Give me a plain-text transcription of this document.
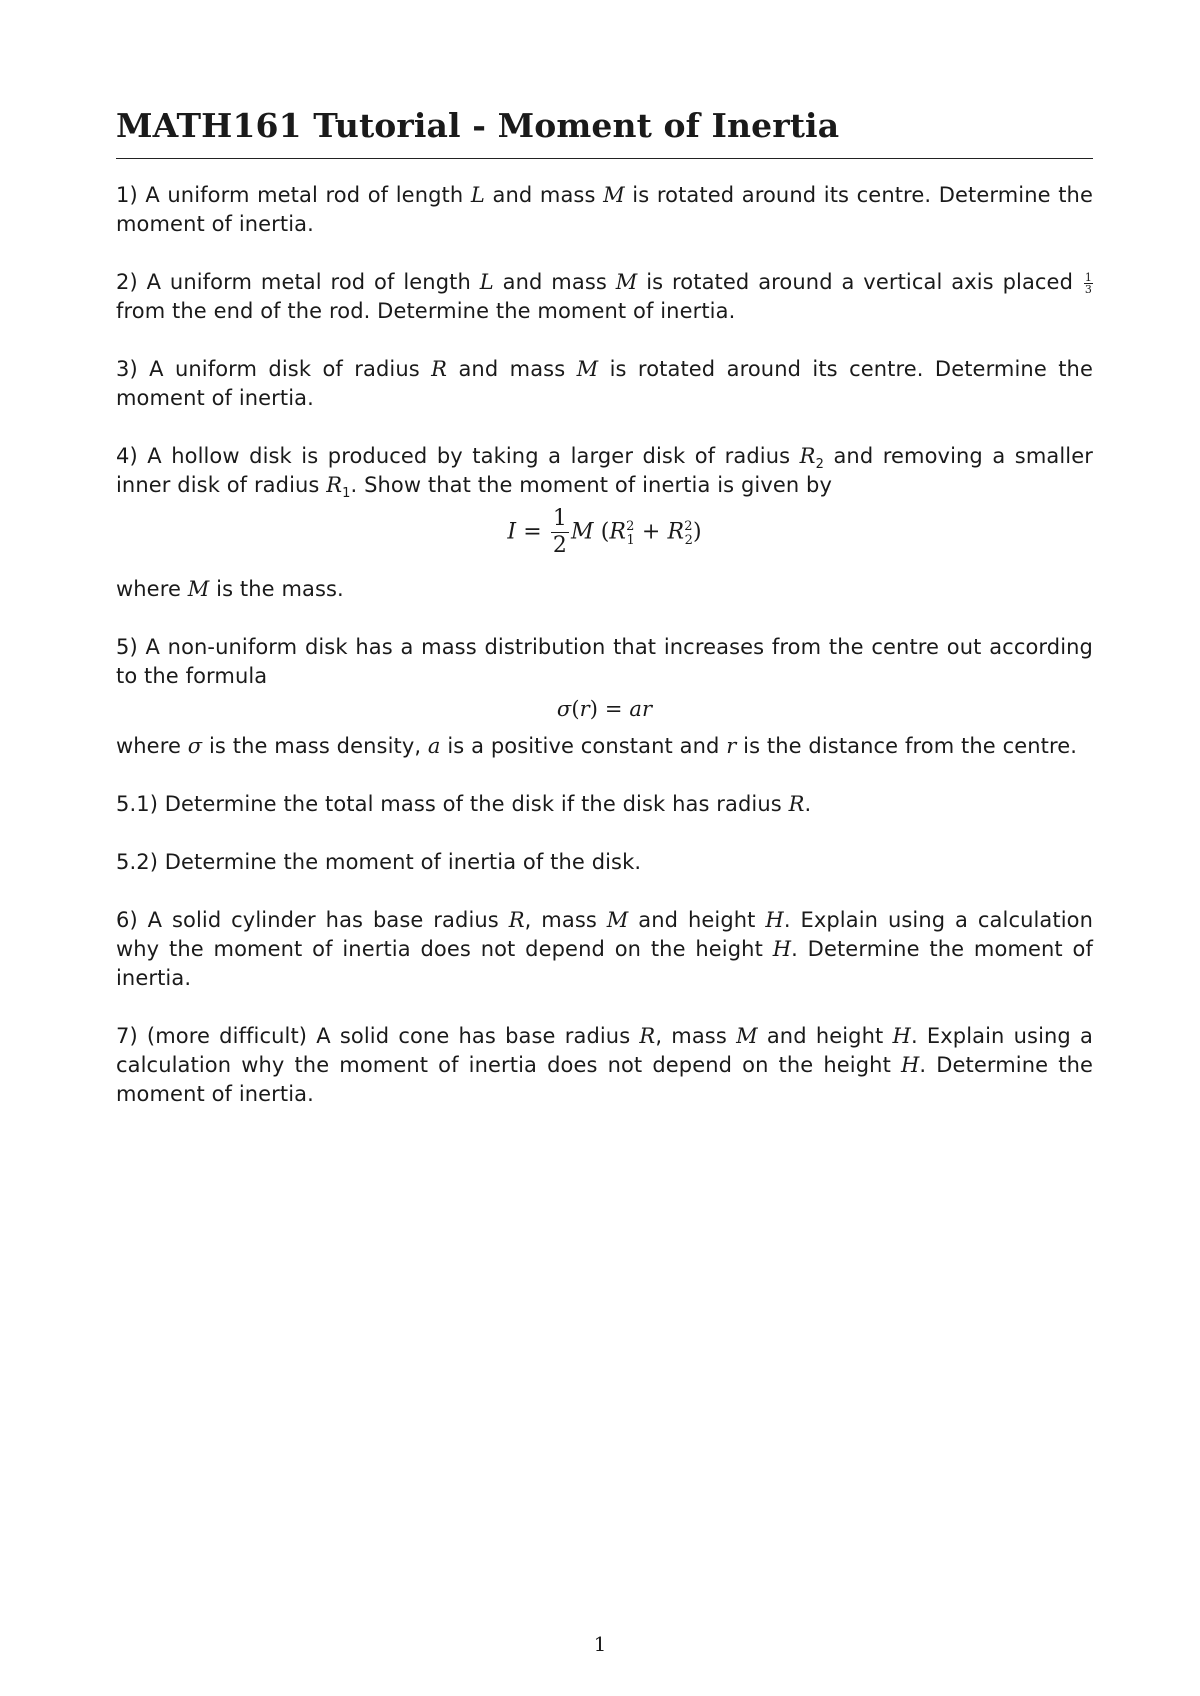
MATH161 Tutorial - Moment of Inertia

1) A uniform metal rod of length L and mass M is rotated around its centre. Determine the moment of inertia.

2) A uniform metal rod of length L and mass M is rotated around a vertical axis placed $\frac{1}{3}$ from the end of the rod. Determine the moment of inertia.

3) A uniform disk of radius R and mass M is rotated around its centre. Determine the moment of inertia.

4) A hollow disk is produced by taking a larger disk of radius $R_2$ and removing a smaller inner disk of radius $R_1$. Show that the moment of inertia is given by

$I = \frac{1}{2}$ M $(R^2_1 + R^2_2)$

where M is the mass.

5) A non-uniform disk has a mass distribution that increases from the centre out according to the formula

σ(r) = ar

where σ is the mass density, a is a positive constant and r is the distance from the centre.

5.1) Determine the total mass of the disk if the disk has radius R.

5.2) Determine the moment of inertia of the disk.

6) A solid cylinder has base radius R, mass M and height H. Explain using a calculation why the moment of inertia does not depend on the height H. Determine the moment of inertia.

7) (more difficult) A solid cone has base radius R, mass M and height H. Explain using a calculation why the moment of inertia does not depend on the height H. Determine the moment of inertia.

1
